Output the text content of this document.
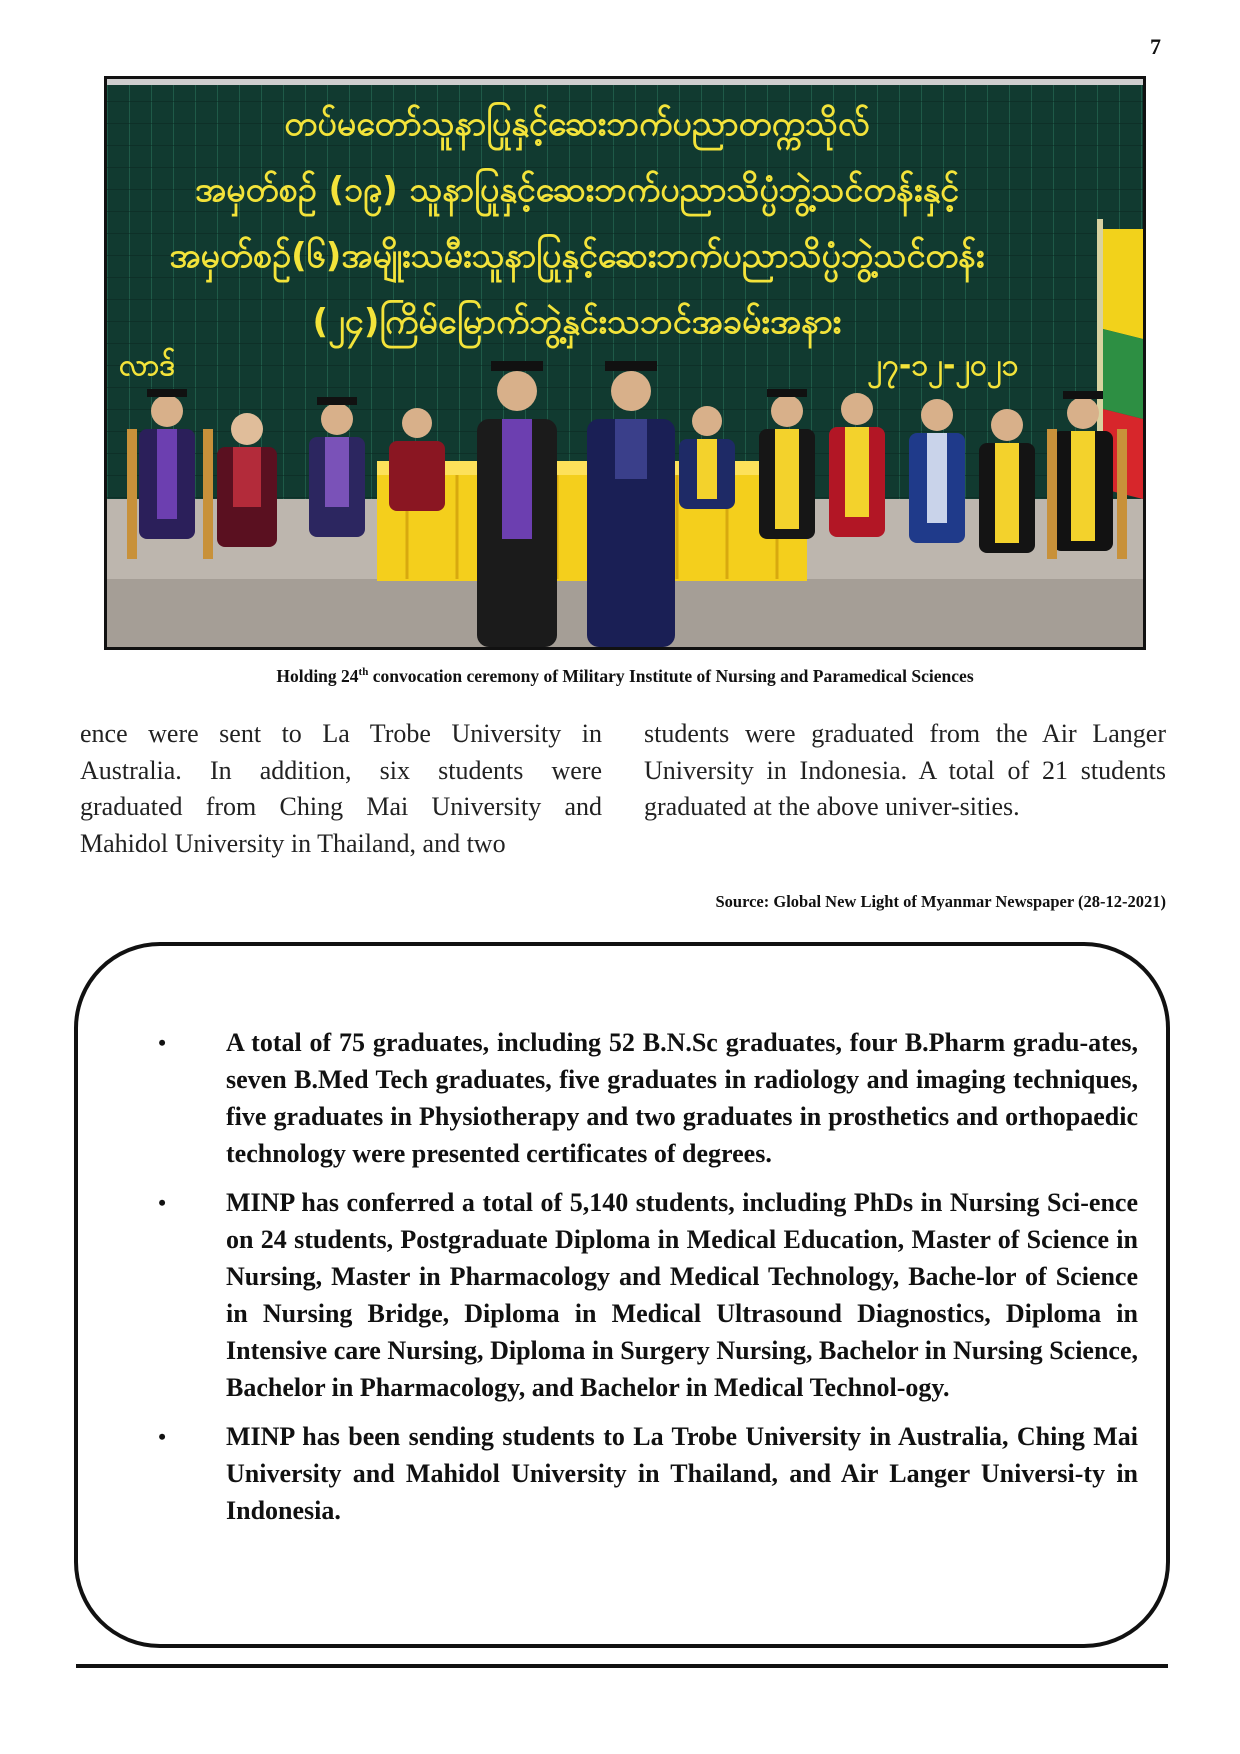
7
တပ်မတော်သူနာပြုနှင့်ဆေးဘက်ပညာတက္ကသိုလ်
အမှတ်စဉ် (၁၉) သူနာပြုနှင့်ဆေးဘက်ပညာသိပ္ပံဘွဲ့သင်တန်းနှင့်
အမှတ်စဉ်(၆)အမျိုးသမီးသူနာပြုနှင့်ဆေးဘက်ပညာသိပ္ပံဘွဲ့သင်တန်း
(၂၄)ကြိမ်မြောက်ဘွဲ့နှင်းသဘင်အခမ်းအနား
လာဒ်	၂၇-၁၂-၂၀၂၁
Holding 24th convocation ceremony of Military Institute of Nursing and Paramedical Sciences
ence were sent to La Trobe University in Australia. In addition, six students were graduated from Ching Mai University and Mahidol University in Thailand, and two
students were graduated from the Air Langer University in Indonesia. A total of 21 students graduated at the above univer-sities.
Source: Global New Light of Myanmar Newspaper (28-12-2021)
• A total of 75 graduates, including 52 B.N.Sc graduates, four B.Pharm gradu-ates, seven B.Med Tech graduates, five graduates in radiology and imaging techniques, five graduates in Physiotherapy and two graduates in prosthetics and orthopaedic technology were presented certificates of degrees.
• MINP has conferred a total of 5,140 students, including PhDs in Nursing Sci-ence on 24 students, Postgraduate Diploma in Medical Education, Master of Science in Nursing, Master in Pharmacology and Medical Technology, Bache-lor of Science in Nursing Bridge, Diploma in Medical Ultrasound Diagnostics, Diploma in Intensive care Nursing, Diploma in Surgery Nursing, Bachelor in Nursing Science, Bachelor in Pharmacology, and Bachelor in Medical Technol-ogy.
• MINP has been sending students to La Trobe University in Australia, Ching Mai University and Mahidol University in Thailand, and Air Langer Universi-ty in Indonesia.
